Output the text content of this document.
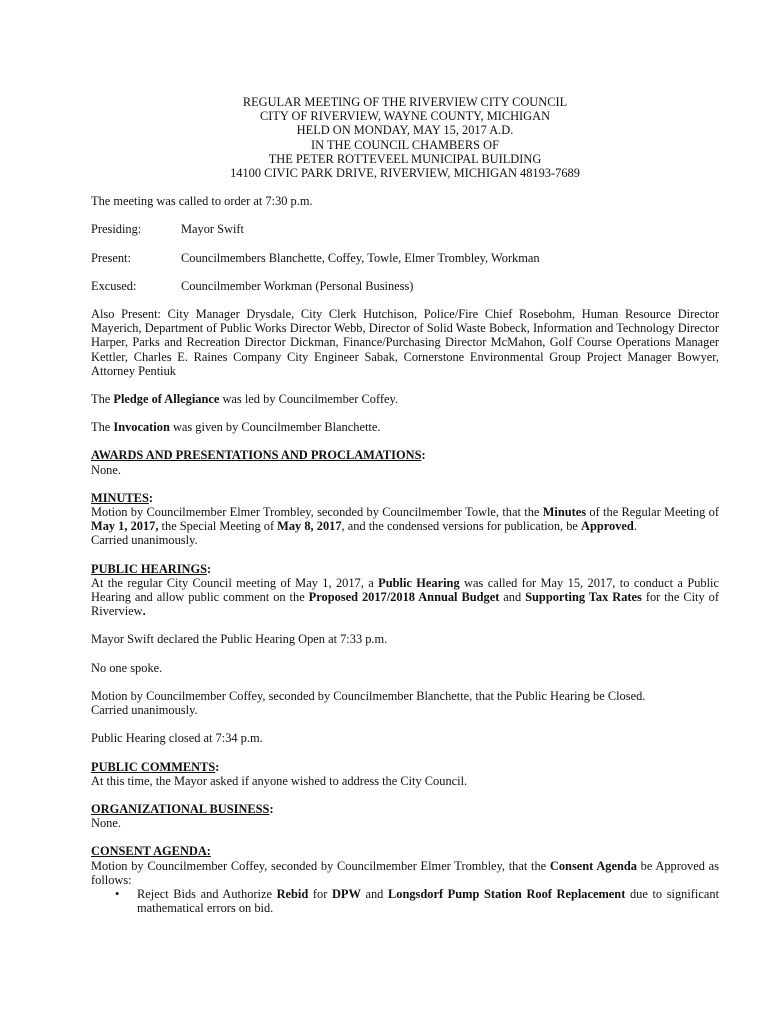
REGULAR MEETING OF THE RIVERVIEW CITY COUNCIL
CITY OF RIVERVIEW, WAYNE COUNTY, MICHIGAN
HELD ON MONDAY, MAY 15, 2017 A.D.
IN THE COUNCIL CHAMBERS OF
THE PETER ROTTEVEEL MUNICIPAL BUILDING
14100 CIVIC PARK DRIVE, RIVERVIEW, MICHIGAN 48193-7689
The meeting was called to order at 7:30 p.m.
Presiding:	Mayor Swift
Present:	Councilmembers Blanchette, Coffey, Towle, Elmer Trombley, Workman
Excused:	Councilmember Workman (Personal Business)
Also Present: City Manager Drysdale, City Clerk Hutchison, Police/Fire Chief Rosebohm, Human Resource Director Mayerich, Department of Public Works Director Webb, Director of Solid Waste Bobeck, Information and Technology Director Harper, Parks and Recreation Director Dickman, Finance/Purchasing Director McMahon, Golf Course Operations Manager Kettler, Charles E. Raines Company City Engineer Sabak, Cornerstone Environmental Group Project Manager Bowyer, Attorney Pentiuk
The Pledge of Allegiance was led by Councilmember Coffey.
The Invocation was given by Councilmember Blanchette.
AWARDS AND PRESENTATIONS AND PROCLAMATIONS:
None.
MINUTES:
Motion by Councilmember Elmer Trombley, seconded by Councilmember Towle, that the Minutes of the Regular Meeting of May 1, 2017, the Special Meeting of May 8, 2017, and the condensed versions for publication, be Approved.
Carried unanimously.
PUBLIC HEARINGS:
At the regular City Council meeting of May 1, 2017, a Public Hearing was called for May 15, 2017, to conduct a Public Hearing and allow public comment on the Proposed 2017/2018 Annual Budget and Supporting Tax Rates for the City of Riverview.
Mayor Swift declared the Public Hearing Open at 7:33 p.m.
No one spoke.
Motion by Councilmember Coffey, seconded by Councilmember Blanchette, that the Public Hearing be Closed.
Carried unanimously.
Public Hearing closed at 7:34 p.m.
PUBLIC COMMENTS:
At this time, the Mayor asked if anyone wished to address the City Council.
ORGANIZATIONAL BUSINESS:
None.
CONSENT AGENDA:
Motion by Councilmember Coffey, seconded by Councilmember Elmer Trombley, that the Consent Agenda be Approved as follows:
• Reject Bids and Authorize Rebid for DPW and Longsdorf Pump Station Roof Replacement due to significant mathematical errors on bid.
